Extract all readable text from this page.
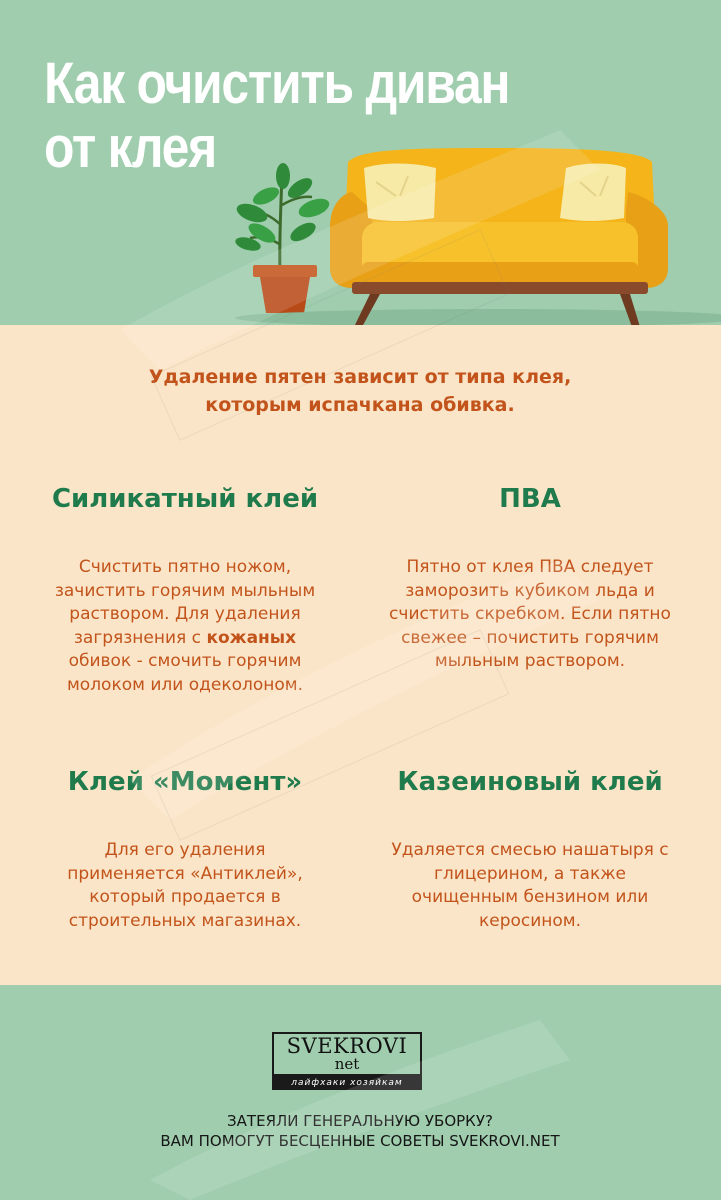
Как очистить диван
от клея

Удаление пятен зависит от типа клея,
которым испачкана обивка.

Силикатный клей
Счистить пятно ножом,
зачистить горячим мыльным
раствором. Для удаления
загрязнения с кожаных
обивок - смочить горячим
молоком или одеколоном.
ПВА
Пятно от клея ПВА следует
заморозить кубиком льда и
счистить скребком. Если пятно
свежее – почистить горячим
мыльным раствором.
Клей «Момент»
Для его удаления
применяется «Антиклей»,
который продается в
строительных магазинах.
Казеиновый клей
Удаляется смесью нашатыря с
глицерином, а также
очищенным бензином или
керосином.
SVEKROVI
net
лайфхаки хозяйкам

ЗАТЕЯЛИ ГЕНЕРАЛЬНУЮ УБОРКУ?
ВАМ ПОМОГУТ БЕСЦЕННЫЕ СОВЕТЫ SVEKROVI.NET
